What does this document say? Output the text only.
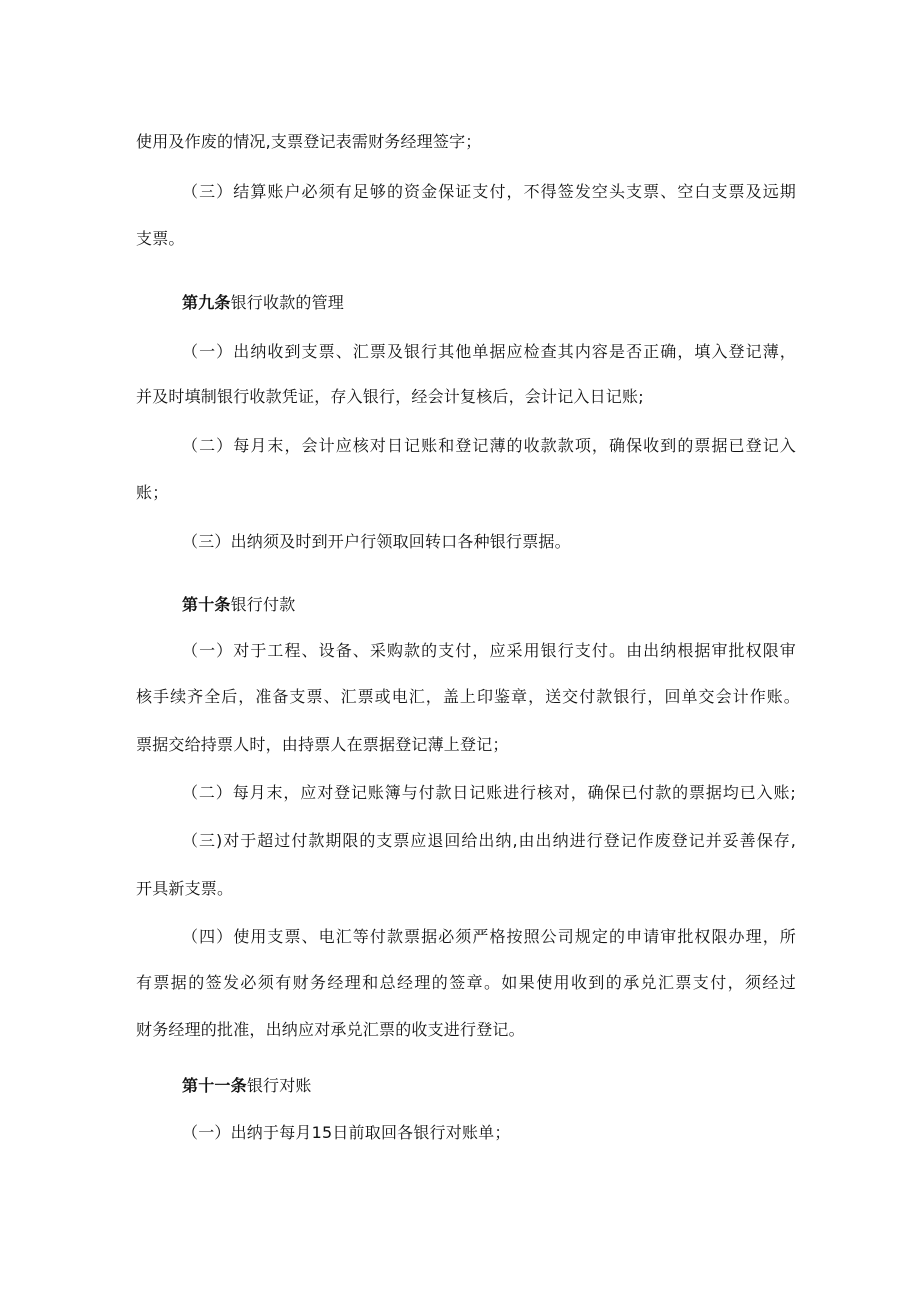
使用及作废的情况,支票登记表需财务经理签字；
（三）结算账户必须有足够的资金保证支付，不得签发空头支票、空白支票及远期
支票。
第九条银行收款的管理
（一）出纳收到支票、汇票及银行其他单据应检查其内容是否正确，填入登记薄，
并及时填制银行收款凭证，存入银行，经会计复核后，会计记入日记账;
（二）每月末，会计应核对日记账和登记薄的收款款项，确保收到的票据已登记入
账；
（三）出纳须及时到开户行领取回转口各种银行票据。
第十条银行付款
（一）对于工程、设备、采购款的支付，应采用银行支付。由出纳根据审批权限审
核手续齐全后，准备支票、汇票或电汇，盖上印鉴章，送交付款银行，回单交会计作账。
票据交给持票人时，由持票人在票据登记薄上登记；
（二）每月末，应对登记账簿与付款日记账进行核对，确保已付款的票据均已入账;
（三)对于超过付款期限的支票应退回给出纳,由出纳进行登记作废登记并妥善保存,
开具新支票。
（四）使用支票、电汇等付款票据必须严格按照公司规定的申请审批权限办理，所
有票据的签发必须有财务经理和总经理的签章。如果使用收到的承兑汇票支付，须经过
财务经理的批准，出纳应对承兑汇票的收支进行登记。
第十一条银行对账
（一）出纳于每月15日前取回各银行对账单；
